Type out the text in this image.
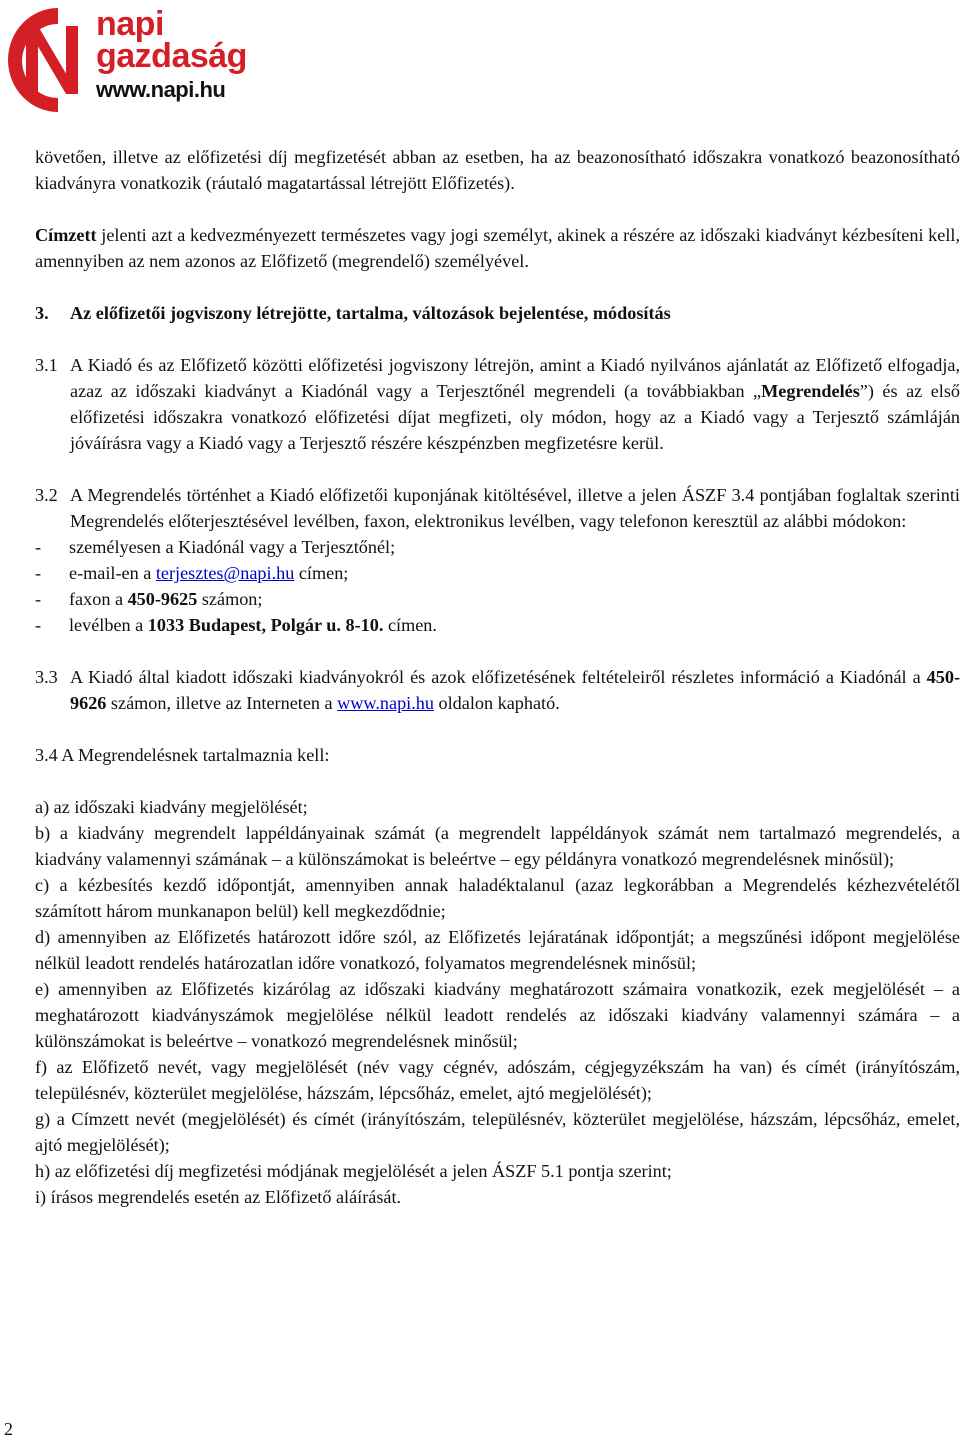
napi
gazdaság
www.napi.hu

követően, illetve az előfizetési díj megfizetését abban az esetben, ha az beazonosítható időszakra vonatkozó beazonosítható kiadványra vonatkozik (ráutaló magatartással létrejött Előfizetés).

Címzett jelenti azt a kedvezményezett természetes vagy jogi személyt, akinek a részére az időszaki kiadványt kézbesíteni kell, amennyiben az nem azonos az Előfizető (megrendelő) személyével.

3.	Az előfizetői jogviszony létrejötte, tartalma, változások bejelentése, módosítás
3.1 A Kiadó és az Előfizető közötti előfizetési jogviszony létrejön, amint a Kiadó nyilvános ajánlatát az Előfizető elfogadja, azaz az időszaki kiadványt a Kiadónál vagy a Terjesztőnél megrendeli (a továbbiakban „Megrendelés”) és az első előfizetési időszakra vonatkozó előfizetési díjat megfizeti, oly módon, hogy az a Kiadó vagy a Terjesztő számláján jóváírásra vagy a Kiadó vagy a Terjesztő részére készpénzben megfizetésre kerül.
3.2 A Megrendelés történhet a Kiadó előfizetői kuponjának kitöltésével, illetve a jelen ÁSZF 3.4 pontjában foglaltak szerinti Megrendelés előterjesztésével levélben, faxon, elektronikus levélben, vagy telefonon keresztül az alábbi módokon:
-	személyesen a Kiadónál vagy a Terjesztőnél;
-	e-mail-en a terjesztes@napi.hu címen;
-	faxon a 450-9625 számon;
-	levélben a 1033 Budapest, Polgár u. 8-10. címen.
3.3 A Kiadó által kiadott időszaki kiadványokról és azok előfizetésének feltételeiről részletes információ a Kiadónál a 450-9626 számon, illetve az Interneten a www.napi.hu oldalon kapható.

3.4 A Megrendelésnek tartalmaznia kell:

a) az időszaki kiadvány megjelölését;

b) a kiadvány megrendelt lappéldányainak számát (a megrendelt lappéldányok számát nem tartalmazó megrendelés, a kiadvány valamennyi számának – a különszámokat is beleértve – egy példányra vonatkozó megrendelésnek minősül);

c) a kézbesítés kezdő időpontját, amennyiben annak haladéktalanul (azaz legkorábban a Megrendelés kézhezvételétől számított három munkanapon belül) kell megkezdődnie;

d) amennyiben az Előfizetés határozott időre szól, az Előfizetés lejáratának időpontját; a megszűnési időpont megjelölése nélkül leadott rendelés határozatlan időre vonatkozó, folyamatos megrendelésnek minősül;

e) amennyiben az Előfizetés kizárólag az időszaki kiadvány meghatározott számaira vonatkozik, ezek megjelölését – a meghatározott kiadványszámok megjelölése nélkül leadott rendelés az időszaki kiadvány valamennyi számára – a különszámokat is beleértve – vonatkozó megrendelésnek minősül;

f) az Előfizető nevét, vagy megjelölését (név vagy cégnév, adószám, cégjegyzékszám ha van) és címét (irányítószám, településnév, közterület megjelölése, házszám, lépcsőház, emelet, ajtó megjelölését);

g) a Címzett nevét (megjelölését) és címét (irányítószám, településnév, közterület megjelölése, házszám, lépcsőház, emelet, ajtó megjelölését);

h) az előfizetési díj megfizetési módjának megjelölését a jelen ÁSZF 5.1 pontja szerint;

i) írásos megrendelés esetén az Előfizető aláírását.

2
